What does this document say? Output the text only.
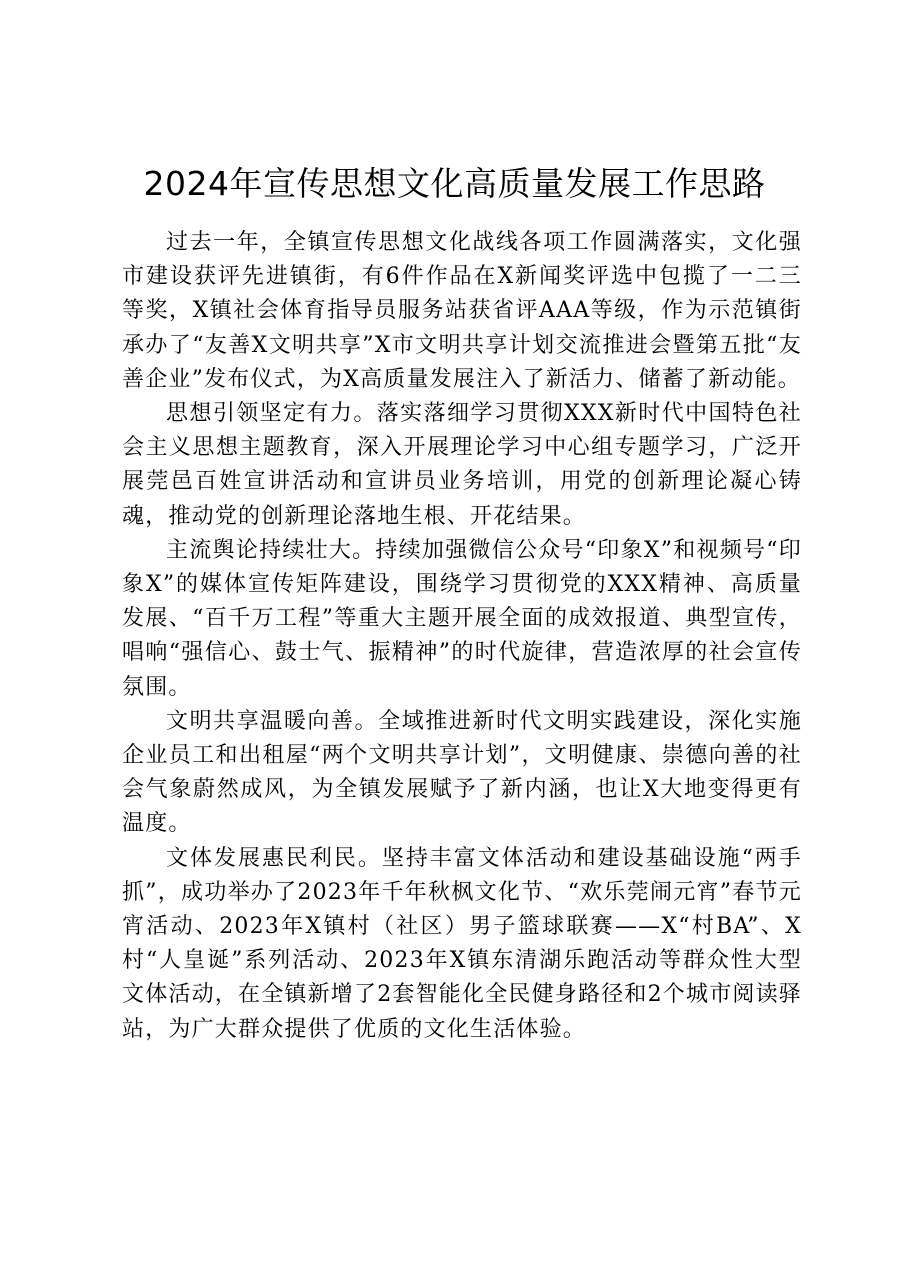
2024年宣传思想文化高质量发展工作思路

过去一年，全镇宣传思想文化战线各项工作圆满落实，文化强市建设获评先进镇街，有6件作品在X新闻奖评选中包揽了一二三等奖，X镇社会体育指导员服务站获省评AAA等级，作为示范镇街承办了“友善X文明共享”X市文明共享计划交流推进会暨第五批“友善企业”发布仪式，为X高质量发展注入了新活力、储蓄了新动能。

思想引领坚定有力。落实落细学习贯彻XXX新时代中国特色社会主义思想主题教育，深入开展理论学习中心组专题学习，广泛开展莞邑百姓宣讲活动和宣讲员业务培训，用党的创新理论凝心铸魂，推动党的创新理论落地生根、开花结果。

主流舆论持续壮大。持续加强微信公众号“印象X”和视频号“印象X”的媒体宣传矩阵建设，围绕学习贯彻党的XXX精神、高质量发展、“百千万工程”等重大主题开展全面的成效报道、典型宣传，唱响“强信心、鼓士气、振精神”的时代旋律，营造浓厚的社会宣传氛围。

文明共享温暖向善。全域推进新时代文明实践建设，深化实施企业员工和出租屋“两个文明共享计划”，文明健康、崇德向善的社会气象蔚然成风，为全镇发展赋予了新内涵，也让X大地变得更有温度。

文体发展惠民利民。坚持丰富文体活动和建设基础设施“两手抓”，成功举办了2023年千年秋枫文化节、“欢乐莞闹元宵”春节元宵活动、2023年X镇村（社区）男子篮球联赛——X“村BA”、X村“人皇诞”系列活动、2023年X镇东清湖乐跑活动等群众性大型文体活动，在全镇新增了2套智能化全民健身路径和2个城市阅读驿站，为广大群众提供了优质的文化生活体验。
